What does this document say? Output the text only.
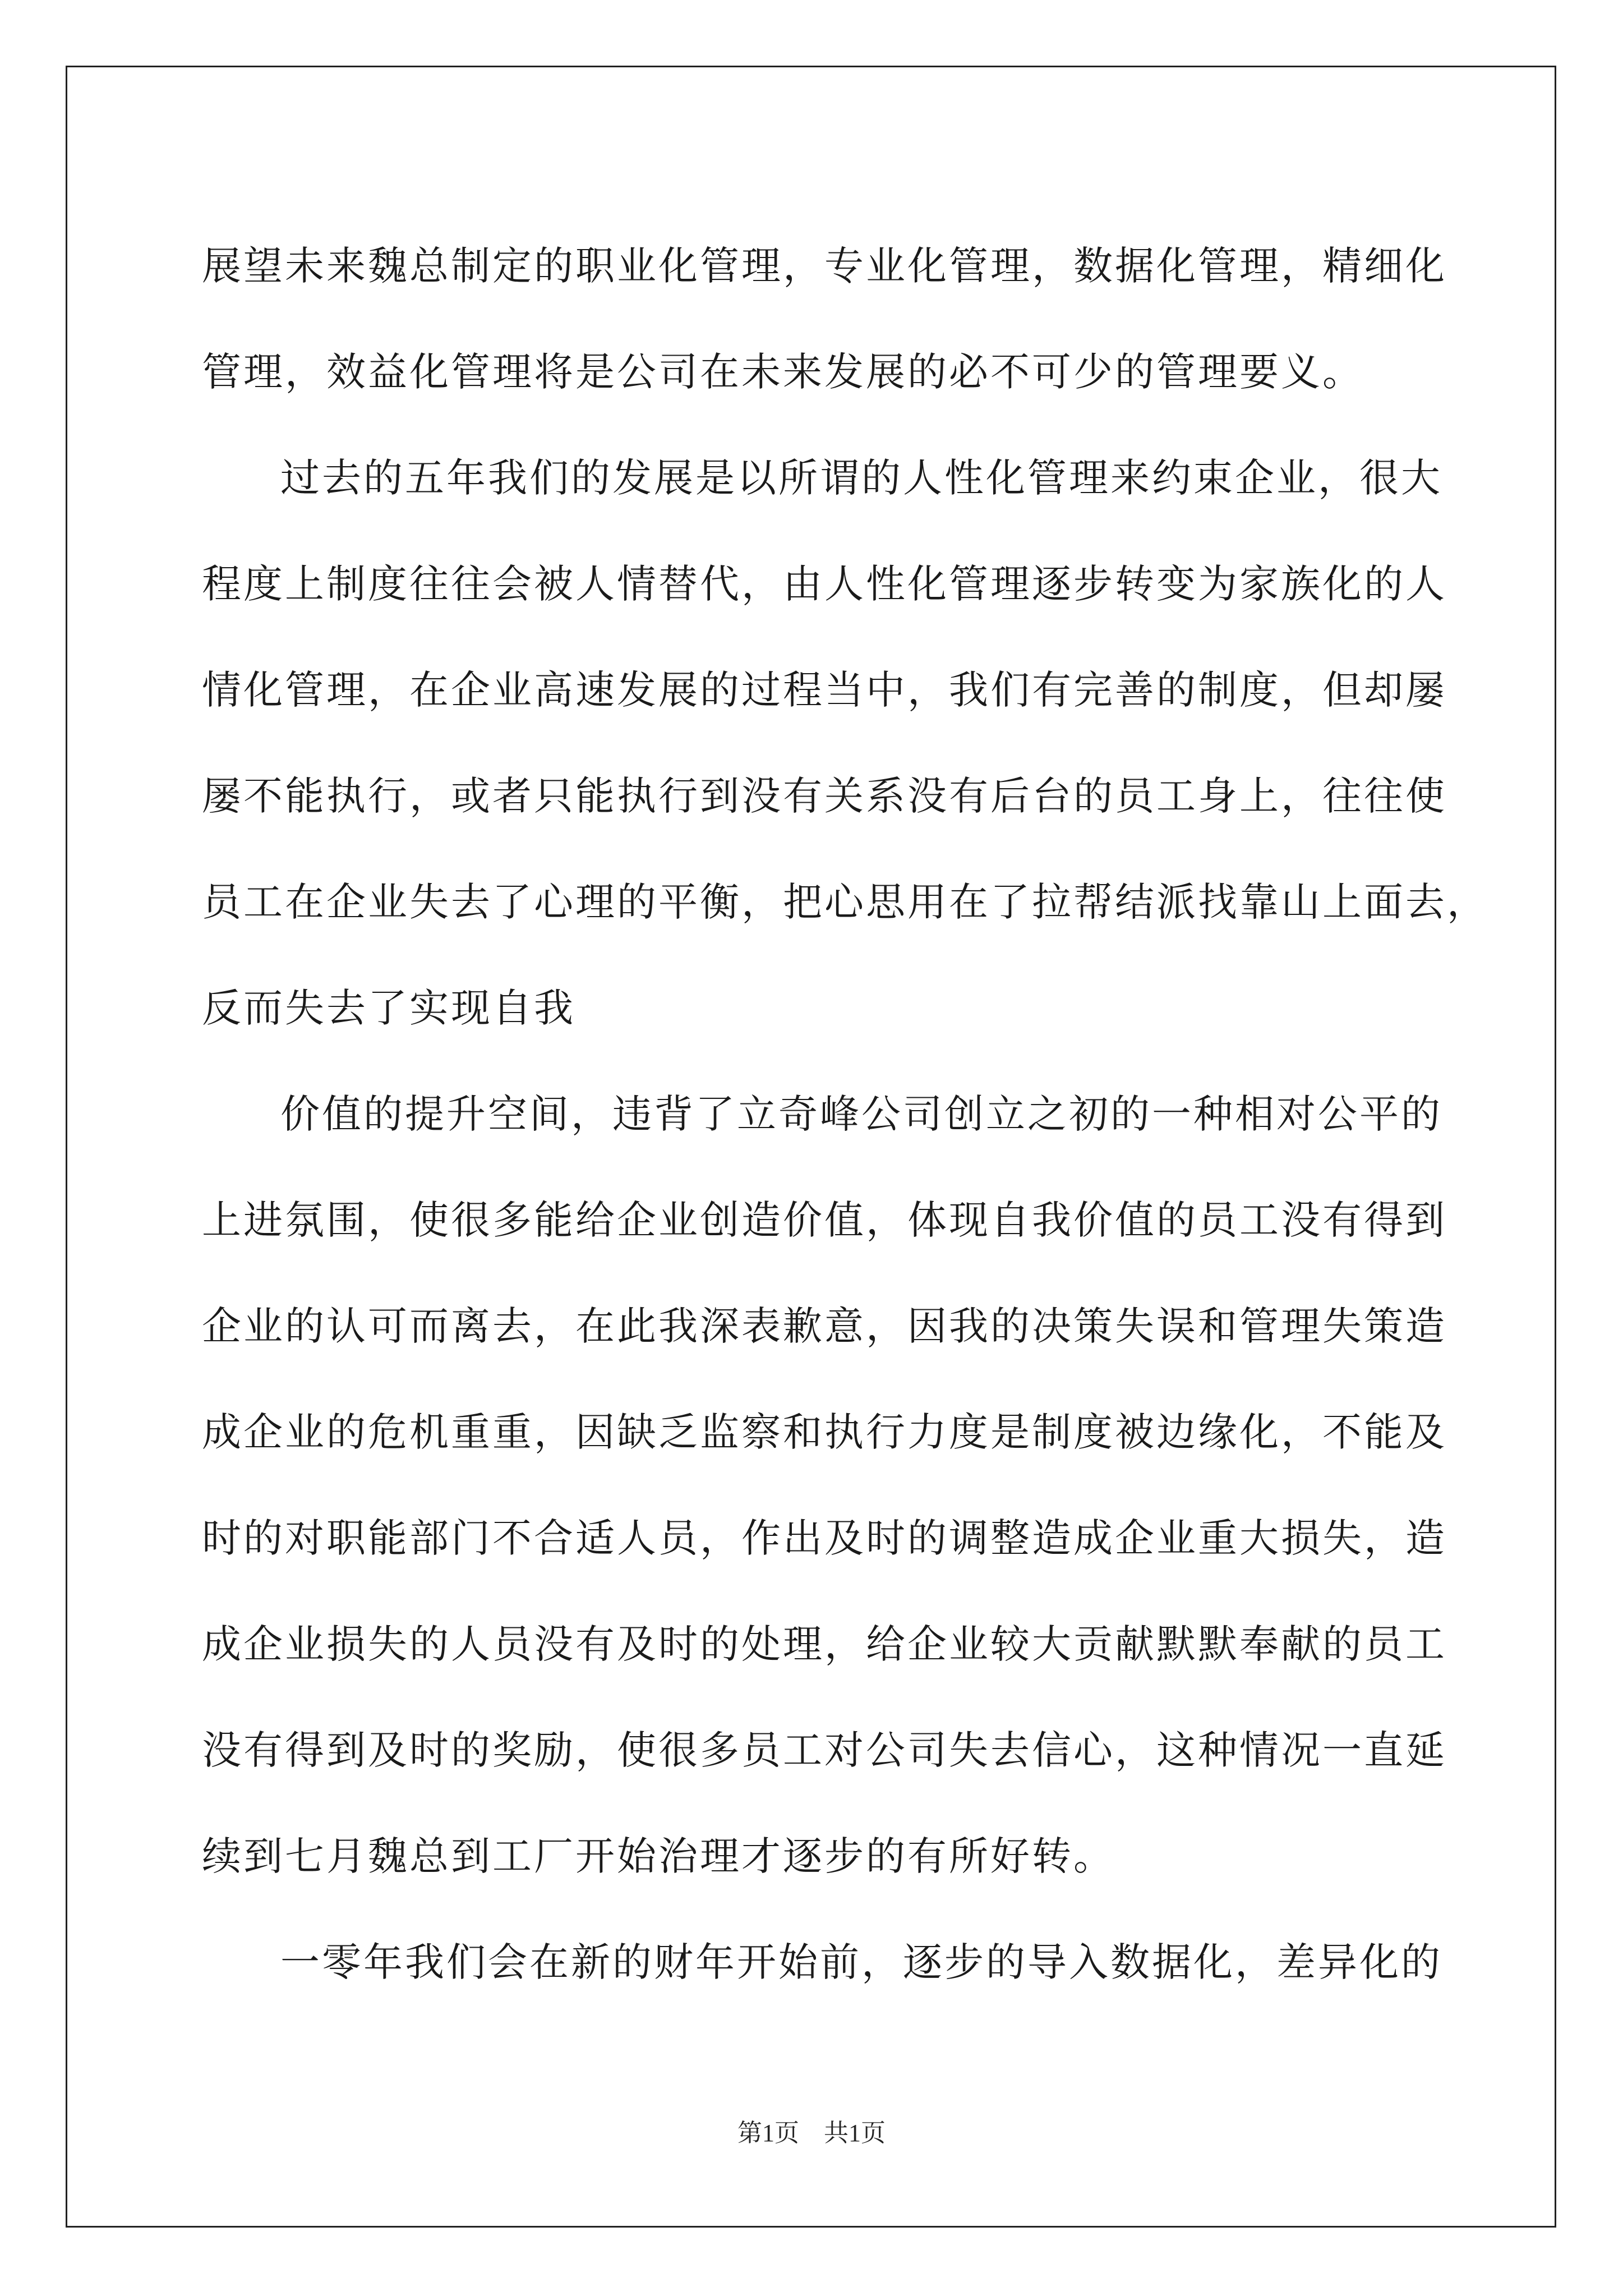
展望未来魏总制定的职业化管理，专业化管理，数据化管理，精细化
管理，效益化管理将是公司在未来发展的必不可少的管理要义。
过去的五年我们的发展是以所谓的人性化管理来约束企业，很大
程度上制度往往会被人情替代，由人性化管理逐步转变为家族化的人
情化管理，在企业高速发展的过程当中，我们有完善的制度，但却屡
屡不能执行，或者只能执行到没有关系没有后台的员工身上，往往使
员工在企业失去了心理的平衡，把心思用在了拉帮结派找靠山上面去，
反而失去了实现自我
价值的提升空间，违背了立奇峰公司创立之初的一种相对公平的
上进氛围，使很多能给企业创造价值，体现自我价值的员工没有得到
企业的认可而离去，在此我深表歉意，因我的决策失误和管理失策造
成企业的危机重重，因缺乏监察和执行力度是制度被边缘化，不能及
时的对职能部门不合适人员，作出及时的调整造成企业重大损失，造
成企业损失的人员没有及时的处理，给企业较大贡献默默奉献的员工
没有得到及时的奖励，使很多员工对公司失去信心，这种情况一直延
续到七月魏总到工厂开始治理才逐步的有所好转。
一零年我们会在新的财年开始前，逐步的导入数据化，差异化的
第1页　共1页
